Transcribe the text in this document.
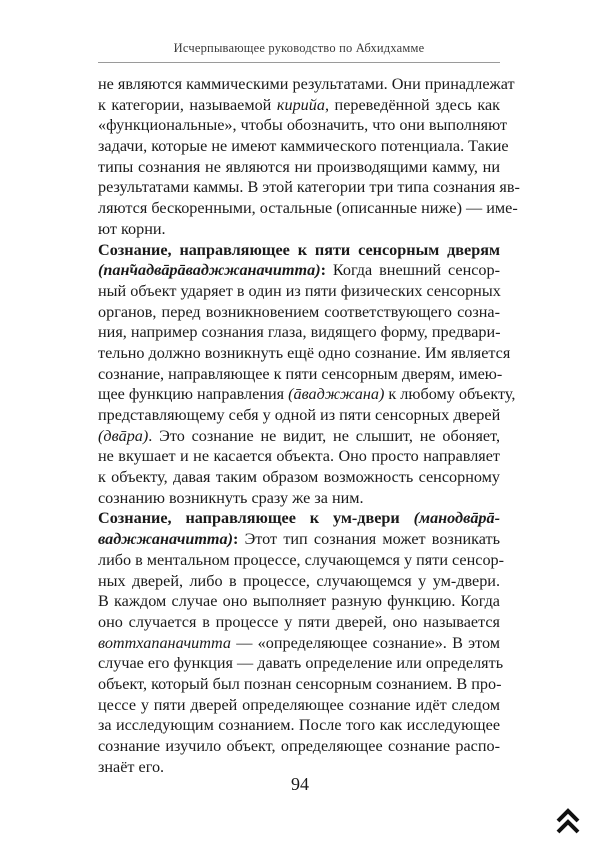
Исчерпывающее руководство по Абхидхамме
не являются каммическими результатами. Они принадлежат
к категории, называемой кирийа, переведённой здесь как
«функциональные», чтобы обозначить, что они выполняют
задачи, которые не имеют каммического потенциала. Такие
типы сознания не являются ни производящими камму, ни
результатами каммы. В этой категории три типа сознания яв-
ляются бескоренными, остальные (описанные ниже) — име-
ют корни.
Сознание, направляющее к пяти сенсорным дверям
(пан̃чадвāрāваджжаначитта): Когда внешний сенсор-
ный объект ударяет в один из пяти физических сенсорных
органов, перед возникновением соответствующего созна-
ния, например сознания глаза, видящего форму, предвари-
тельно должно возникнуть ещё одно сознание. Им является
сознание, направляющее к пяти сенсорным дверям, имею-
щее функцию направления (āваджжана) к любому объекту,
представляющему себя у одной из пяти сенсорных дверей
(двāра). Это сознание не видит, не слышит, не обоняет,
не вкушает и не касается объекта. Оно просто направляет
к объекту, давая таким образом возможность сенсорному
сознанию возникнуть сразу же за ним.
Сознание, направляющее к ум-двери (манодвāрā-
ваджжаначитта): Этот тип сознания может возникать
либо в ментальном процессе, случающемся у пяти сенсор-
ных дверей, либо в процессе, случающемся у ум-двери.
В каждом случае оно выполняет разную функцию. Когда
оно случается в процессе у пяти дверей, оно называется
воттхапаначитта — «определяющее сознание». В этом
случае его функция — давать определение или определять
объект, который был познан сенсорным сознанием. В про-
цессе у пяти дверей определяющее сознание идёт следом
за исследующим сознанием. После того как исследующее
сознание изучило объект, определяющее сознание распо-
знаёт его.
94
